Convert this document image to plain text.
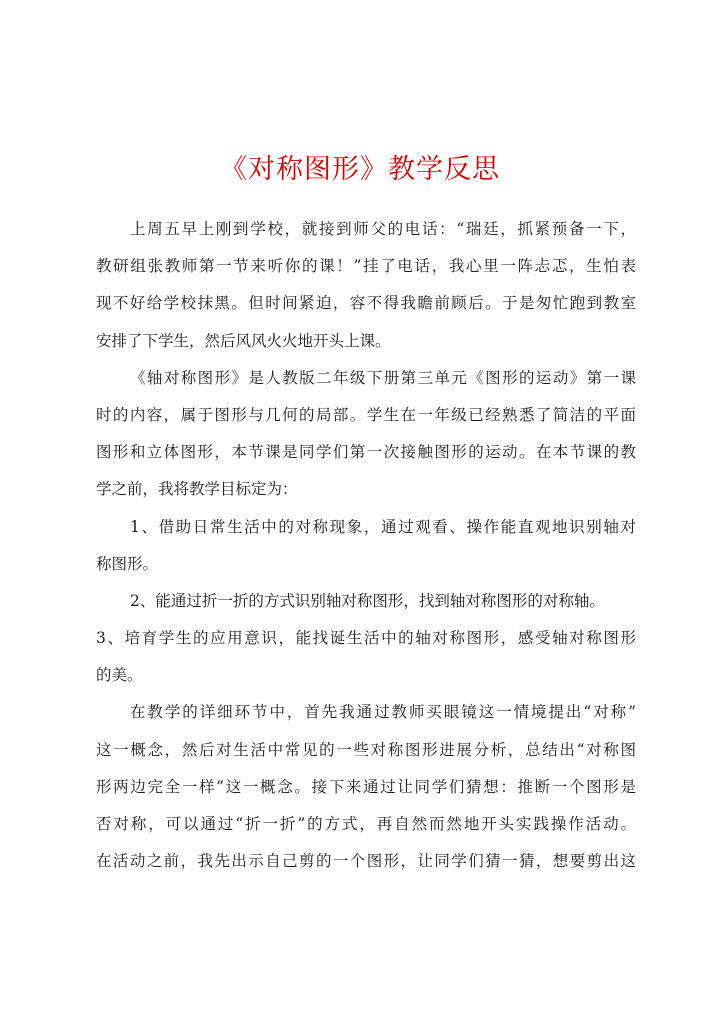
《对称图形》教学反思
上周五早上刚到学校，就接到师父的电话：“瑞廷，抓紧预备一下，
教研组张教师第一节来听你的课！”挂了电话，我心里一阵忐忑，生怕表
现不好给学校抹黑。但时间紧迫，容不得我瞻前顾后。于是匆忙跑到教室
安排了下学生，然后风风火火地开头上课。
《轴对称图形》是人教版二年级下册第三单元《图形的运动》第一课
时的内容，属于图形与几何的局部。学生在一年级已经熟悉了简洁的平面
图形和立体图形，本节课是同学们第一次接触图形的运动。在本节课的教
学之前，我将教学目标定为：
1、借助日常生活中的对称现象，通过观看、操作能直观地识别轴对
称图形。
2、能通过折一折的方式识别轴对称图形，找到轴对称图形的对称轴。
3、培育学生的应用意识，能找诞生活中的轴对称图形，感受轴对称图形
的美。
在教学的详细环节中，首先我通过教师买眼镜这一情境提出“对称”
这一概念，然后对生活中常见的一些对称图形进展分析，总结出“对称图
形两边完全一样”这一概念。接下来通过让同学们猜想：推断一个图形是
否对称，可以通过“折一折”的方式，再自然而然地开头实践操作活动。
在活动之前，我先出示自己剪的一个图形，让同学们猜一猜，想要剪出这
